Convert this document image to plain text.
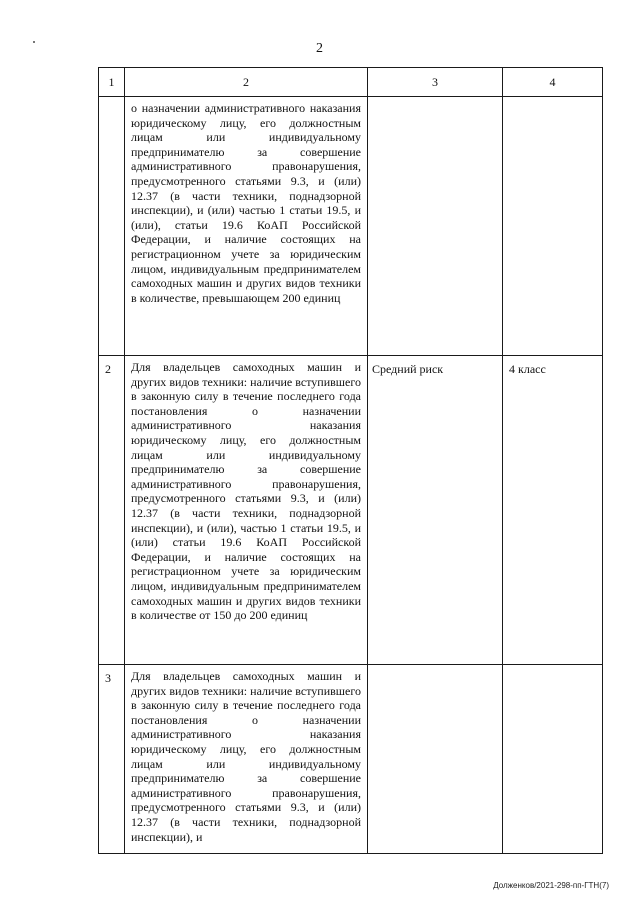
2
1	2	3	4
	о назначении административного наказания юридическому лицу, его должностным лицам или индивидуальному предпринимателю за совершение административного правонарушения, предусмотренного статьями 9.3, и (или) 12.37 (в части техники, поднадзорной инспекции), и (или) частью 1 статьи 19.5, и (или), статьи 19.6 КоАП Российской Федерации, и наличие состоящих на регистрационном учете за юридическим лицом, индивидуальным предпринимателем самоходных машин и других видов техники в количестве, превышающем 200 единиц		
2	Для владельцев самоходных машин и других видов техники: наличие вступившего в законную силу в течение последнего года постановления о назначении административного наказания юридическому лицу, его должностным лицам или индивидуальному предпринимателю за совершение административного правонарушения, предусмотренного статьями 9.3, и (или) 12.37 (в части техники, поднадзорной инспекции), и (или), частью 1 статьи 19.5, и (или) статьи 19.6 КоАП Российской Федерации, и наличие состоящих на регистрационном учете за юридическим лицом, индивидуальным предпринимателем самоходных машин и других видов техники в количестве от 150 до 200 единиц	Средний риск	4 класс
3	Для владельцев самоходных машин и других видов техники: наличие вступившего в законную силу в течение последнего года постановления о назначении административного наказания юридическому лицу, его должностным лицам или индивидуальному предпринимателю за совершение административного правонарушения, предусмотренного статьями 9.3, и (или) 12.37 (в части техники, поднадзорной инспекции), и		
Долженков/2021-298-пп-ГТН(7)
